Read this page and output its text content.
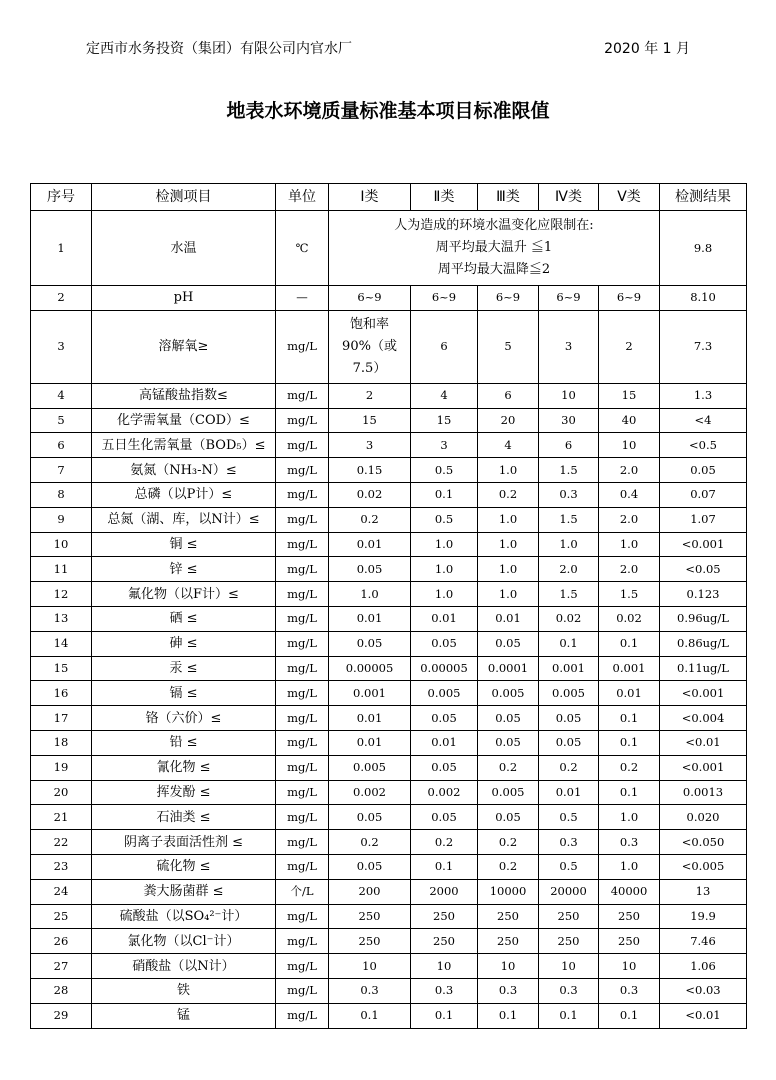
定西市水务投资（集团）有限公司内官水厂	2020 年 1 月
地表水环境质量标准基本项目标准限值
序号	检测项目	单位	Ⅰ类	Ⅱ类	Ⅲ类	Ⅳ类	Ⅴ类	检测结果
1	水温	℃	人为造成的环境水温变化应限制在:
周平均最大温升 ≦1
周平均最大温降≦2					9.8
2	pH	—	6~9	6~9	6~9	6~9	6~9	8.10
3	溶解氧≥	mg/L	饱和率
90%（或
7.5）	6	5	3	2	7.3
4	高锰酸盐指数≤	mg/L	2	4	6	10	15	1.3
5	化学需氧量（COD）≤	mg/L	15	15	20	30	40	<4
6	五日生化需氧量（BOD₅）≤	mg/L	3	3	4	6	10	<0.5
7	氨氮（NH₃-N）≤	mg/L	0.15	0.5	1.0	1.5	2.0	0.05
8	总磷（以P计）≤	mg/L	0.02	0.1	0.2	0.3	0.4	0.07
9	总氮（湖、库，以N计）≤	mg/L	0.2	0.5	1.0	1.5	2.0	1.07
10	铜 ≤	mg/L	0.01	1.0	1.0	1.0	1.0	<0.001
11	锌 ≤	mg/L	0.05	1.0	1.0	2.0	2.0	<0.05
12	氟化物（以F计）≤	mg/L	1.0	1.0	1.0	1.5	1.5	0.123
13	硒 ≤	mg/L	0.01	0.01	0.01	0.02	0.02	0.96ug/L
14	砷 ≤	mg/L	0.05	0.05	0.05	0.1	0.1	0.86ug/L
15	汞 ≤	mg/L	0.00005	0.00005	0.0001	0.001	0.001	0.11ug/L
16	镉 ≤	mg/L	0.001	0.005	0.005	0.005	0.01	<0.001
17	铬（六价）≤	mg/L	0.01	0.05	0.05	0.05	0.1	<0.004
18	铅 ≤	mg/L	0.01	0.01	0.05	0.05	0.1	<0.01
19	氰化物 ≤	mg/L	0.005	0.05	0.2	0.2	0.2	<0.001
20	挥发酚 ≤	mg/L	0.002	0.002	0.005	0.01	0.1	0.0013
21	石油类 ≤	mg/L	0.05	0.05	0.05	0.5	1.0	0.020
22	阴离子表面活性剂 ≤	mg/L	0.2	0.2	0.2	0.3	0.3	<0.050
23	硫化物 ≤	mg/L	0.05	0.1	0.2	0.5	1.0	<0.005
24	粪大肠菌群 ≤	个/L	200	2000	10000	20000	40000	13
25	硫酸盐（以SO₄²⁻计）	mg/L	250	250	250	250	250	19.9
26	氯化物（以Cl⁻计）	mg/L	250	250	250	250	250	7.46
27	硝酸盐（以N计）	mg/L	10	10	10	10	10	1.06
28	铁	mg/L	0.3	0.3	0.3	0.3	0.3	<0.03
29	锰	mg/L	0.1	0.1	0.1	0.1	0.1	<0.01
